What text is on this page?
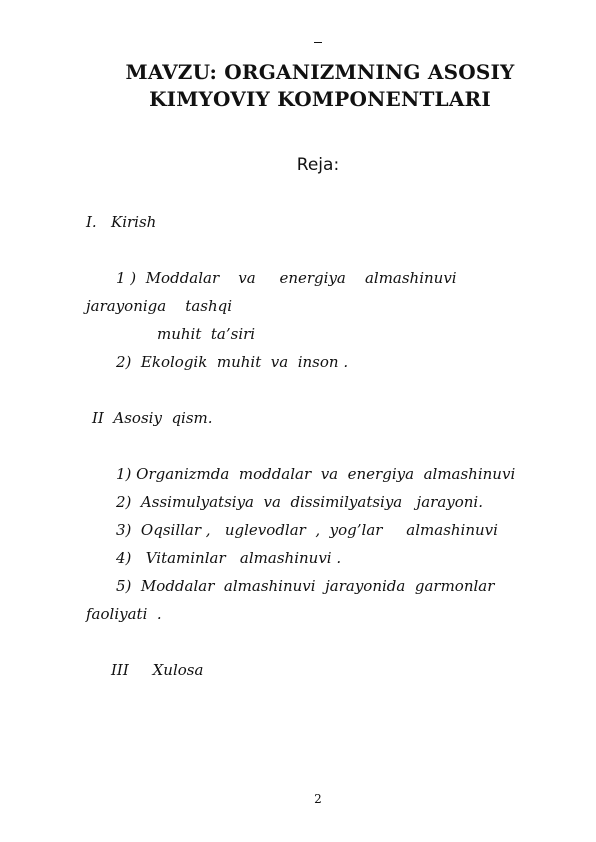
MAVZU: ORGANIZMNING ASOSIY
KIMYOVIY KOMPONENTLARI
Reja:
I.   Kirish
1 )  Moddalar    va     energiya    almashinuvi
jarayoniga    tashqi
muhit  ta’siri
2)  Ekologik  muhit  va  inson .
II  Asosiy  qism.
1) Organizmda  moddalar  va  energiya  almashinuvi
2)  Assimulyatsiya  va  dissimilyatsiya   jarayoni.
3)  Oqsillar ,   uglevodlar  ,  yog’lar     almashinuvi
4)   Vitaminlar   almashinuvi .
5)  Moddalar  almashinuvi  jarayonida  garmonlar
faoliyati  .
III     Xulosa
2
